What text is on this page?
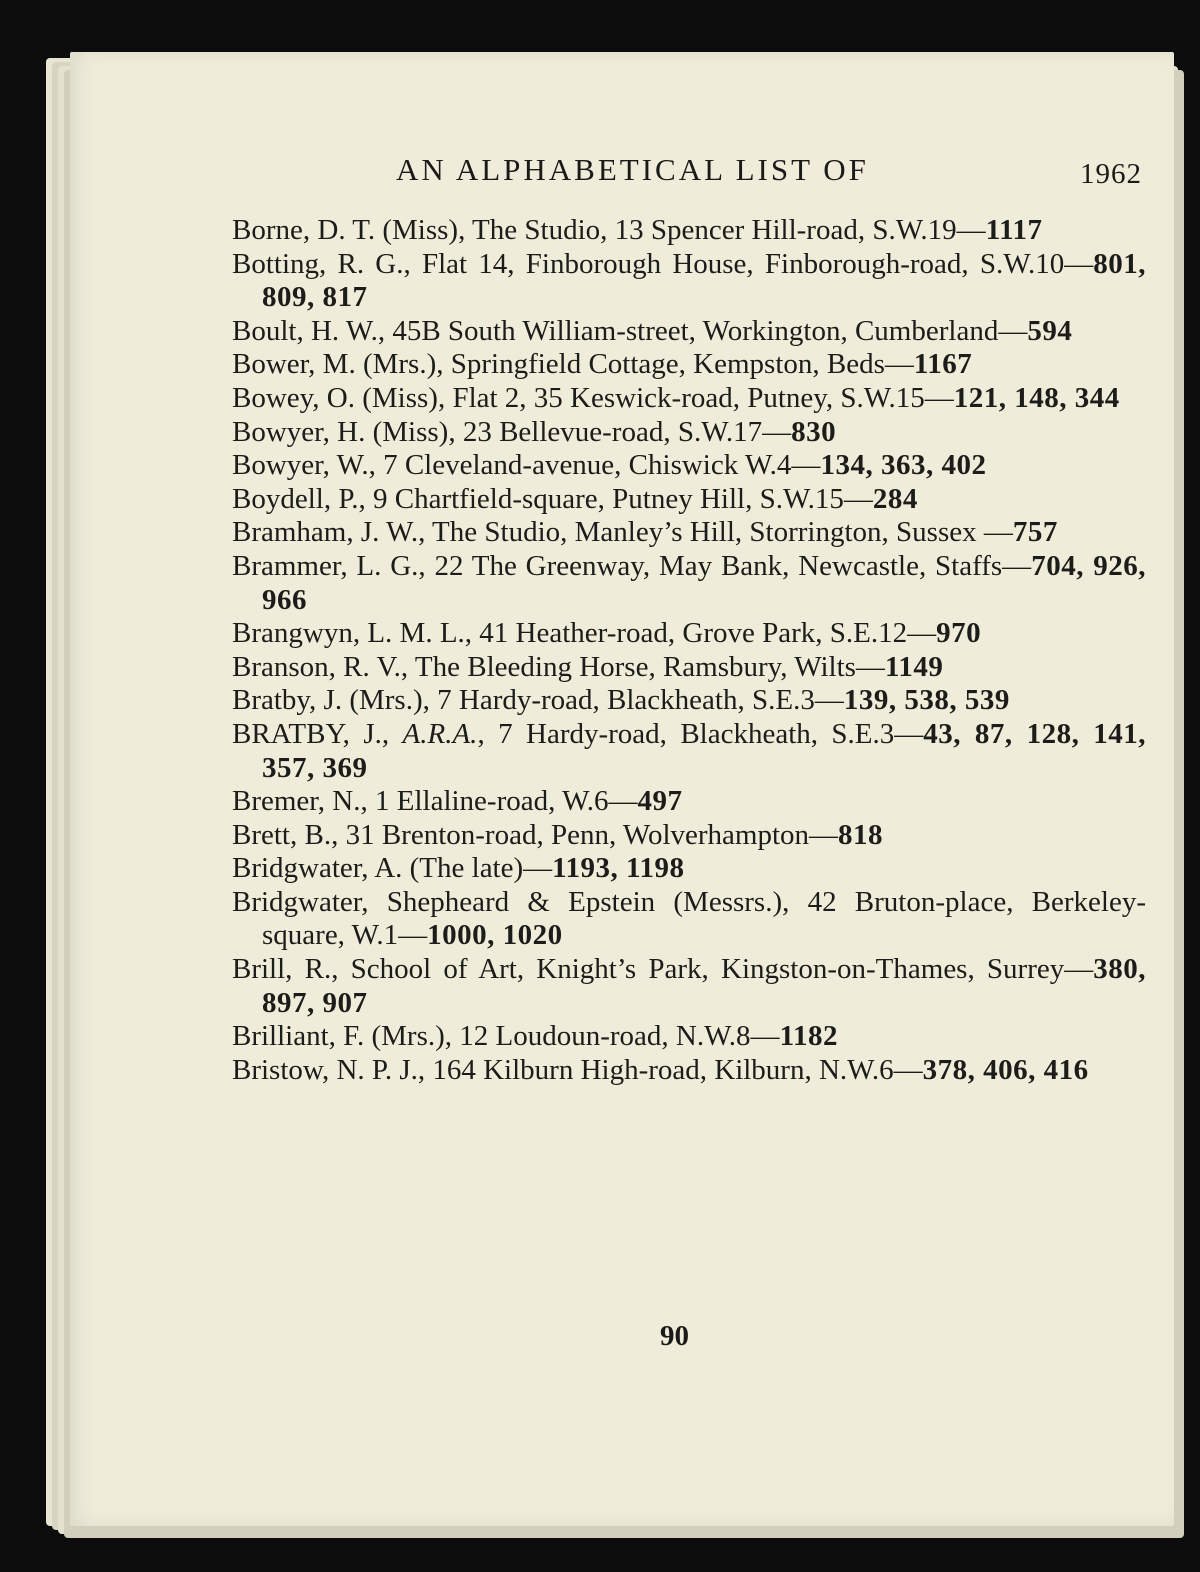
AN ALPHABETICAL LIST OF	1962

Borne, D. T. (Miss), The Studio, 13 Spencer Hill-road, S.W.19—1117

Botting, R. G., Flat 14, Finborough House, Finborough-road, S.W.10—801, 809, 817

Boult, H. W., 45B South William-street, Workington, Cumberland—594

Bower, M. (Mrs.), Springfield Cottage, Kempston, Beds—1167

Bowey, O. (Miss), Flat 2, 35 Keswick-road, Putney, S.W.15—121, 148, 344

Bowyer, H. (Miss), 23 Bellevue-road, S.W.17—830

Bowyer, W., 7 Cleveland-avenue, Chiswick W.4—134, 363, 402

Boydell, P., 9 Chartfield-square, Putney Hill, S.W.15—284

Bramham, J. W., The Studio, Manley’s Hill, Storrington, Sussex —757

Brammer, L. G., 22 The Greenway, May Bank, Newcastle, Staffs—704, 926, 966

Brangwyn, L. M. L., 41 Heather-road, Grove Park, S.E.12—970

Branson, R. V., The Bleeding Horse, Ramsbury, Wilts—1149

Bratby, J. (Mrs.), 7 Hardy-road, Blackheath, S.E.3—139, 538, 539

BRATBY, J., A.R.A., 7 Hardy-road, Blackheath, S.E.3—43, 87, 128, 141, 357, 369

Bremer, N., 1 Ellaline-road, W.6—497

Brett, B., 31 Brenton-road, Penn, Wolverhampton—818

Bridgwater, A. (The late)—1193, 1198

Bridgwater, Shepheard & Epstein (Messrs.), 42 Bruton-place, Berkeley-square, W.1—1000, 1020

Brill, R., School of Art, Knight’s Park, Kingston-on-Thames, Surrey—380, 897, 907

Brilliant, F. (Mrs.), 12 Loudoun-road, N.W.8—1182

Bristow, N. P. J., 164 Kilburn High-road, Kilburn, N.W.6—378, 406, 416

90
